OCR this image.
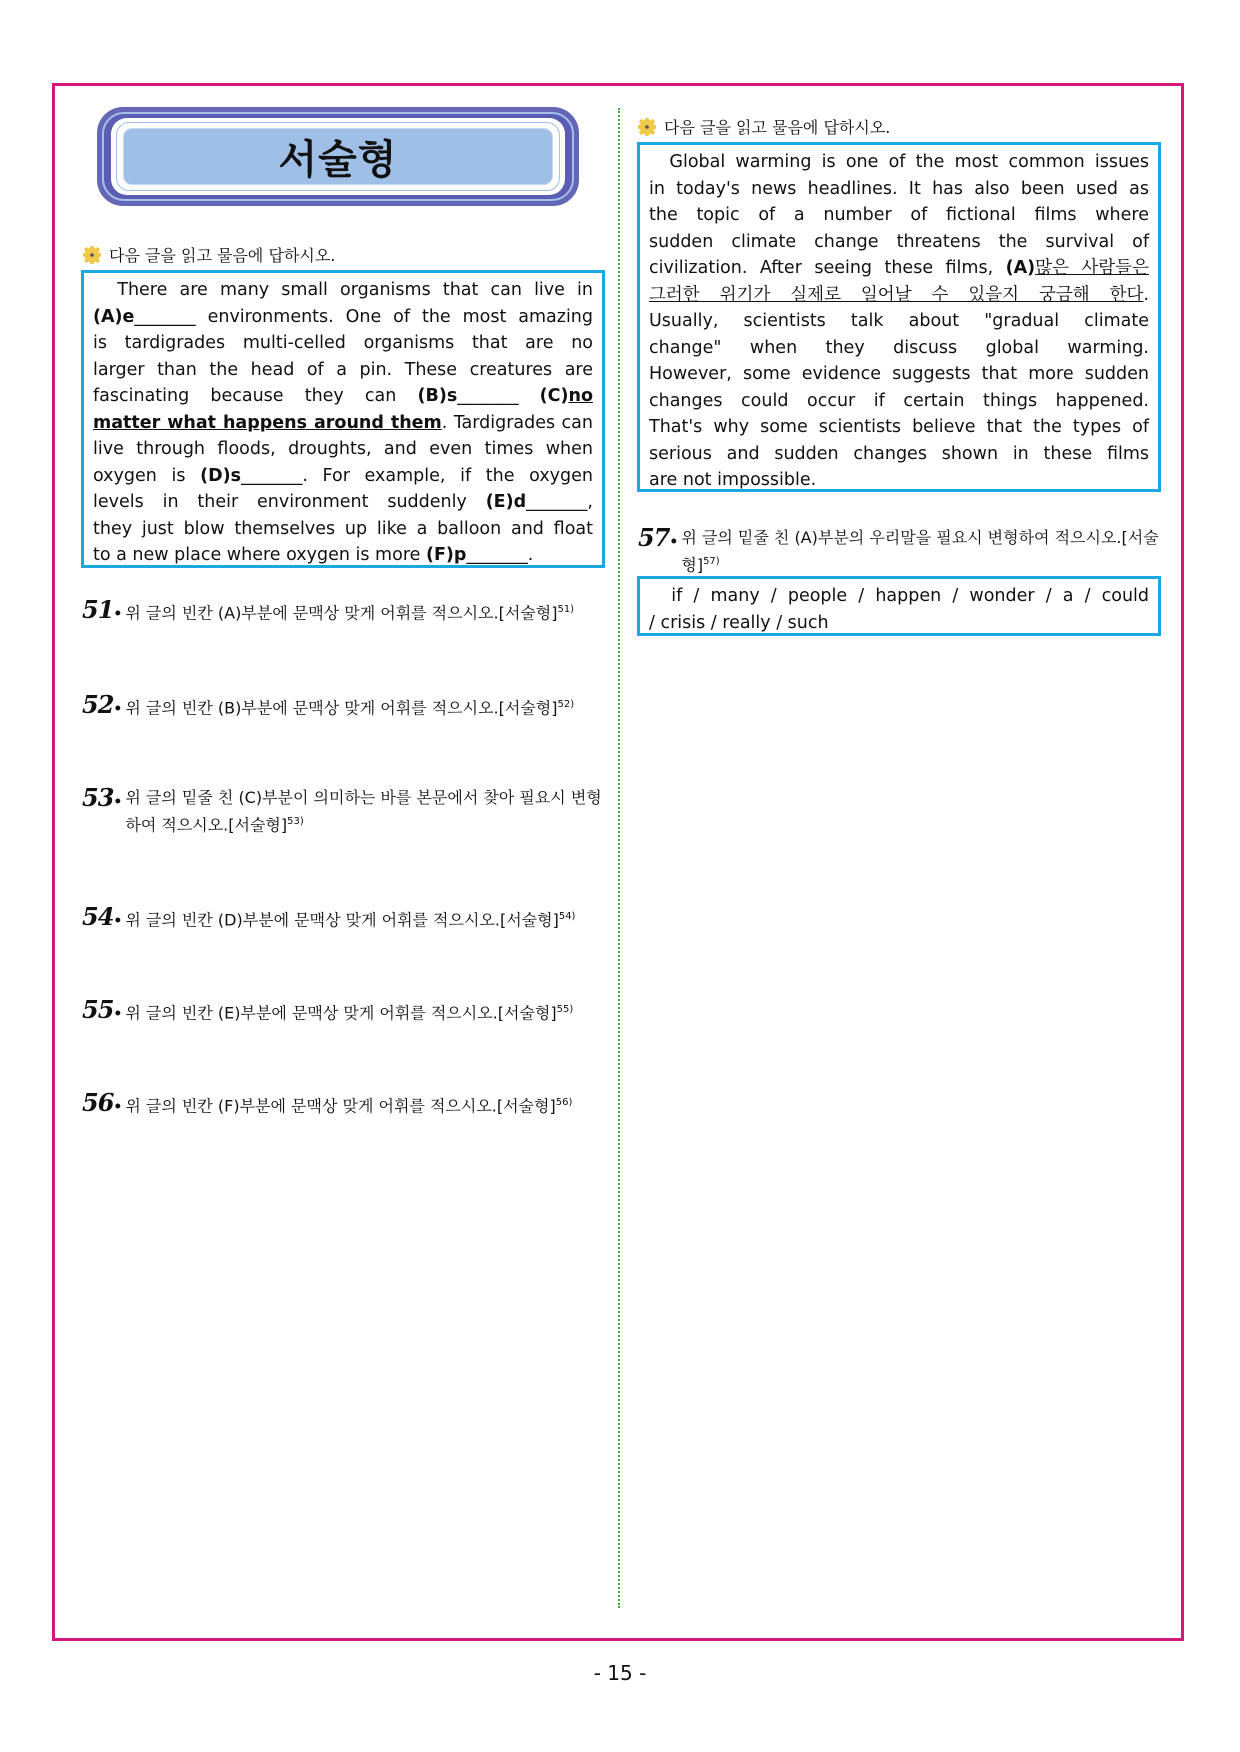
서술형
다음 글을 읽고 물음에 답하시오.
There are many small organisms that can live in
(A)e_______ environments. One of the most amazing
is tardigrades multi-celled organisms that are no
larger than the head of a pin. These creatures are
fascinating because they can (B)s_______ (C)no
matter what happens around them. Tardigrades can
live through floods, droughts, and even times when
oxygen is (D)s_______. For example, if the oxygen
levels in their environment suddenly (E)d_______,
they just blow themselves up like a balloon and float
to a new place where oxygen is more (F)p_______.
51• 위 글의 빈칸 (A)부분에 문맥상 맞게 어휘를 적으시오.[서술형]$^{51)}$
52• 위 글의 빈칸 (B)부분에 문맥상 맞게 어휘를 적으시오.[서술형]$^{52)}$
53• 위 글의 밑줄 친 (C)부분이 의미하는 바를 본문에서 찾아 필요시 변형하여 적으시오.[서술형]$^{53)}$
54• 위 글의 빈칸 (D)부분에 문맥상 맞게 어휘를 적으시오.[서술형]$^{54)}$
55• 위 글의 빈칸 (E)부분에 문맥상 맞게 어휘를 적으시오.[서술형]$^{55)}$
56• 위 글의 빈칸 (F)부분에 문맥상 맞게 어휘를 적으시오.[서술형]$^{56)}$
다음 글을 읽고 물음에 답하시오.
Global warming is one of the most common issues
in today's news headlines. It has also been used as
the topic of a number of fictional films where
sudden climate change threatens the survival of
civilization. After seeing these films, (A)많은 사람들은
그러한 위기가 실제로 일어날 수 있을지 궁금해 한다.
Usually, scientists talk about "gradual climate
change" when they discuss global warming.
However, some evidence suggests that more sudden
changes could occur if certain things happened.
That's why some scientists believe that the types of
serious and sudden changes shown in these films
are not impossible.
57• 위 글의 밑줄 친 (A)부분의 우리말을 필요시 변형하여 적으시오.[서술형]$^{57)}$
if / many / people / happen / wonder / a / could
/ crisis / really / such
- 15 -
